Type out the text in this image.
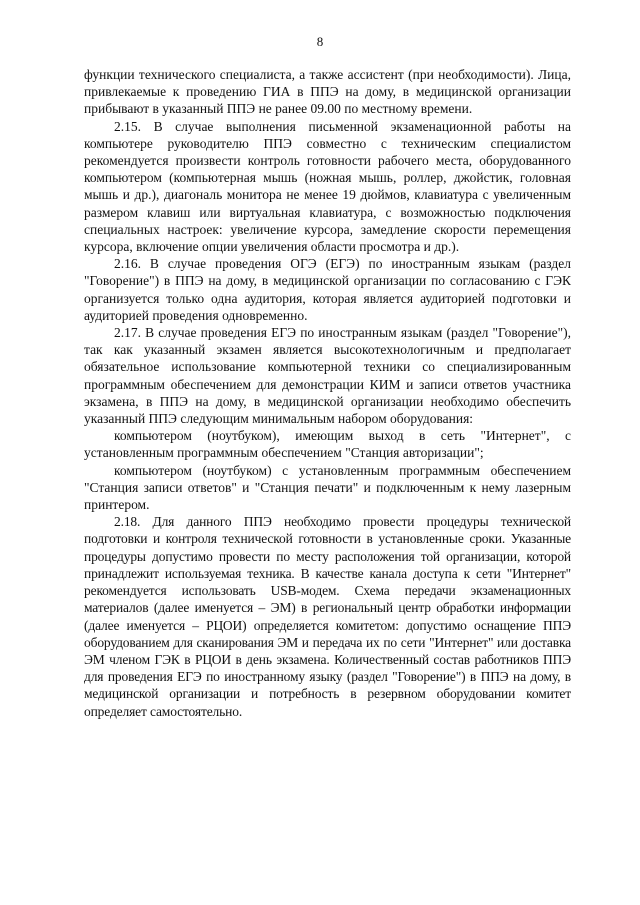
8

функции технического специалиста, а также ассистент (при необходимости). Лица, привлекаемые к проведению ГИА в ППЭ на дому, в медицинской организации прибывают в указанный ППЭ не ранее 09.00 по местному времени.

2.15. В случае выполнения письменной экзаменационной работы на компьютере руководителю ППЭ совместно с техническим специалистом рекомендуется произвести контроль готовности рабочего места, оборудованного компьютером (компьютерная мышь (ножная мышь, роллер, джойстик, головная мышь и др.), диагональ монитора не менее 19 дюймов, клавиатура с увеличенным размером клавиш или виртуальная клавиатура, с возможностью подключения специальных настроек: увеличение курсора, замедление скорости перемещения курсора, включение опции увеличения области просмотра и др.).

2.16. В случае проведения ОГЭ (ЕГЭ) по иностранным языкам (раздел "Говорение") в ППЭ на дому, в медицинской организации по согласованию с ГЭК организуется только одна аудитория, которая является аудиторией подготовки и аудиторией проведения одновременно.

2.17. В случае проведения ЕГЭ по иностранным языкам (раздел "Говорение"), так как указанный экзамен является высокотехнологичным и предполагает обязательное использование компьютерной техники со специализированным программным обеспечением для демонстрации КИМ и записи ответов участника экзамена, в ППЭ на дому, в медицинской организации необходимо обеспечить указанный ППЭ следующим минимальным набором оборудования:

компьютером (ноутбуком), имеющим выход в сеть "Интернет", с установленным программным обеспечением "Станция авторизации";

компьютером (ноутбуком) с установленным программным обеспечением "Станция записи ответов" и "Станция печати" и подключенным к нему лазерным принтером.

2.18. Для данного ППЭ необходимо провести процедуры технической подготовки и контроля технической готовности в установленные сроки. Указанные процедуры допустимо провести по месту расположения той организации, которой принадлежит используемая техника. В качестве канала доступа к сети "Интернет" рекомендуется использовать USB-модем. Схема передачи экзаменационных материалов (далее именуется – ЭМ) в региональный центр обработки информации (далее именуется – РЦОИ) определяется комитетом: допустимо оснащение ППЭ оборудованием для сканирования ЭМ и передача их по сети "Интернет" или доставка ЭМ членом ГЭК в РЦОИ в день экзамена. Количественный состав работников ППЭ для проведения ЕГЭ по иностранному языку (раздел "Говорение") в ППЭ на дому, в медицинской организации и потребность в резервном оборудовании комитет определяет самостоятельно.
